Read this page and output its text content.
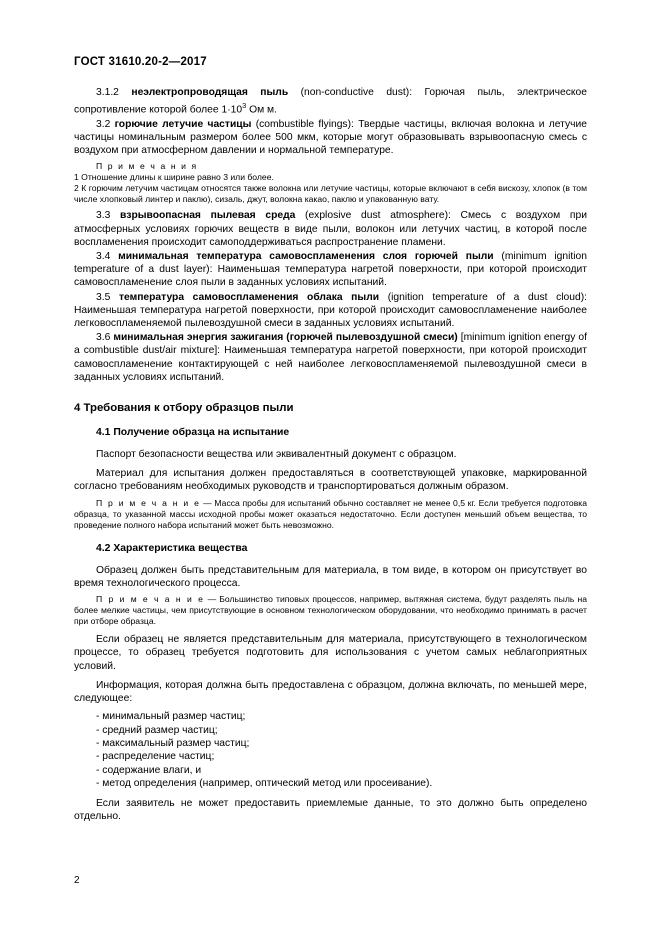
ГОСТ 31610.20-2—2017

3.1.2 неэлектропроводящая пыль (non-conductive dust): Горючая пыль, электрическое сопротивление которой более $1\cdot 10^3$ Ом м.

3.2 горючие летучие частицы (combustible flyings): Твердые частицы, включая волокна и летучие частицы номинальным размером более 500 мкм, которые могут образовывать взрывоопасную смесь с воздухом при атмосферном давлении и нормальной температуре.

П р и м е ч а н и я
1 Отношение длины к ширине равно 3 или более.
2 К горючим летучим частицам относятся также волокна или летучие частицы, которые включают в себя вискозу, хлопок (в том числе хлопковый линтер и паклю), сизаль, джут, волокна какао, паклю и упакованную вату.

3.3 взрывоопасная пылевая среда (explosive dust atmosphere): Смесь с воздухом при атмосферных условиях горючих веществ в виде пыли, волокон или летучих частиц, в которой после воспламенения происходит самоподдерживаться распространение пламени.

3.4 минимальная температура самовоспламенения слоя горючей пыли (minimum ignition temperature of a dust layer): Наименьшая температура нагретой поверхности, при которой происходит самовоспламенение слоя пыли в заданных условиях испытаний.

3.5 температура самовоспламенения облака пыли (ignition temperature of a dust cloud): Наименьшая температура нагретой поверхности, при которой происходит самовоспламенение наиболее легковоспламеняемой пылевоздушной смеси в заданных условиях испытаний.

3.6 минимальная энергия зажигания (горючей пылевоздушной смеси) [minimum ignition energy of a combustible dust/air mixture]: Наименьшая температура нагретой поверхности, при которой происходит самовоспламенение контактирующей с ней наиболее легковоспламеняемой пылевоздушной смеси в заданных условиях испытаний.

4 Требования к отбору образцов пыли
4.1 Получение образца на испытание

Паспорт безопасности вещества или эквивалентный документ с образцом.

Материал для испытания должен предоставляться в соответствующей упаковке, маркированной согласно требованиям необходимых руководств и транспортироваться должным образом.

П р и м е ч а н и е — Масса пробы для испытаний обычно составляет не менее 0,5 кг. Если требуется подготовка образца, то указанной массы исходной пробы может оказаться недостаточно. Если доступен меньший объем вещества, то проведение полного набора испытаний может быть невозможно.

4.2 Характеристика вещества

Образец должен быть представительным для материала, в том виде, в котором он присутствует во время технологического процесса.

П р и м е ч а н и е — Большинство типовых процессов, например, вытяжная система, будут разделять пыль на более мелкие частицы, чем присутствующие в основном технологическом оборудовании, что необходимо принимать в расчет при отборе образца.

Если образец не является представительным для материала, присутствующего в технологическом процессе, то образец требуется подготовить для использования с учетом самых неблагоприятных условий.

Информация, которая должна быть предоставлена с образцом, должна включать, по меньшей мере, следующее:

- минимальный размер частиц;
- средний размер частиц;
- максимальный размер частиц;
- распределение частиц;
- содержание влаги, и
- метод определения (например, оптический метод или просеивание).

Если заявитель не может предоставить приемлемые данные, то это должно быть определено отдельно.

2
